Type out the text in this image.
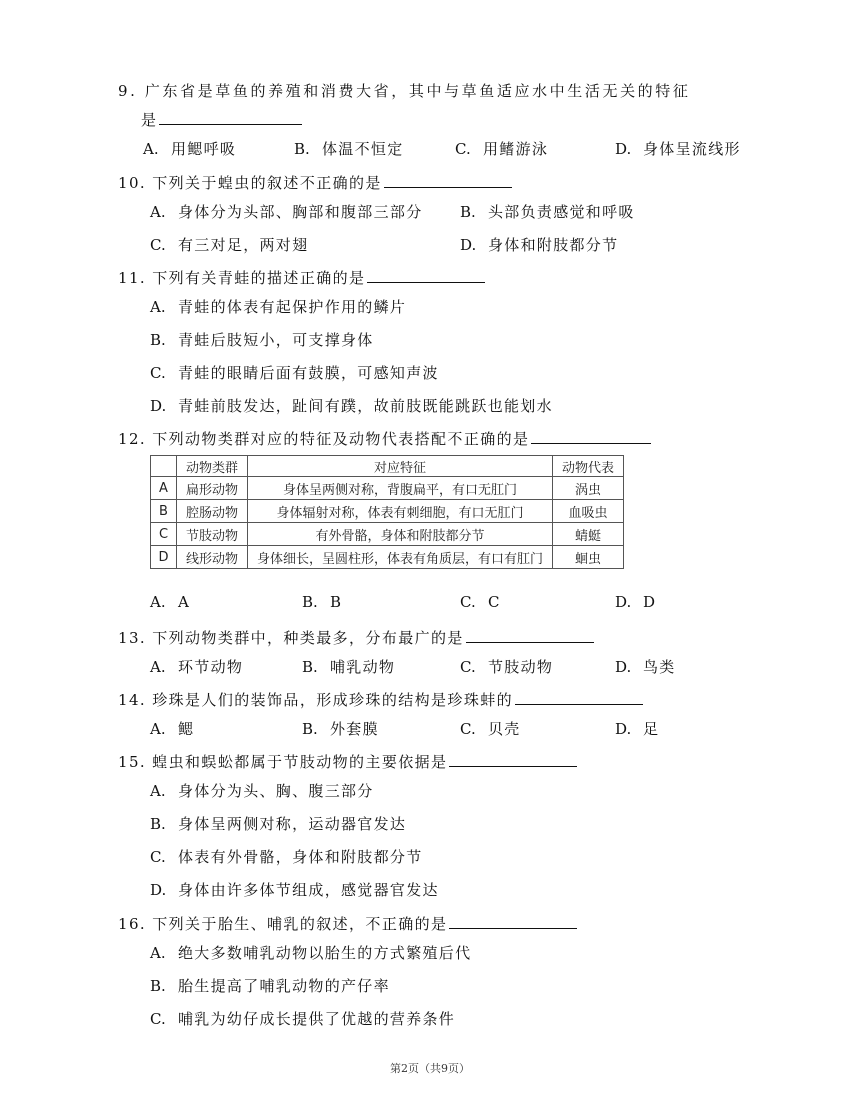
9. 广东省是草鱼的养殖和消费大省，其中与草鱼适应水中生活无关的特征
是
A. 用鳃呼吸	B. 体温不恒定	C. 用鳍游泳	D. 身体呈流线形
10. 下列关于蝗虫的叙述不正确的是
A. 身体分为头部、胸部和腹部三部分 B. 头部负责感觉和呼吸
C. 有三对足，两对翅	D. 身体和附肢都分节
11. 下列有关青蛙的描述正确的是
A. 青蛙的体表有起保护作用的鳞片
B. 青蛙后肢短小，可支撑身体
C. 青蛙的眼睛后面有鼓膜，可感知声波
D. 青蛙前肢发达，趾间有蹼，故前肢既能跳跃也能划水
12. 下列动物类群对应的特征及动物代表搭配不正确的是
	动物类群	对应特征	动物代表
A	扁形动物	身体呈两侧对称，背腹扁平，有口无肛门	涡虫
B	腔肠动物	身体辐射对称，体表有刺细胞，有口无肛门	血吸虫
C	节肢动物	有外骨骼，身体和附肢都分节	蜻蜓
D	线形动物	身体细长，呈圆柱形，体表有角质层，有口有肛门	蛔虫
A. A	B. B	C. C	D. D
13. 下列动物类群中，种类最多，分布最广的是
A. 环节动物	B. 哺乳动物	C. 节肢动物	D. 鸟类
14. 珍珠是人们的装饰品，形成珍珠的结构是珍珠蚌的
A. 鳃	B. 外套膜	C. 贝壳	D. 足
15. 蝗虫和蜈蚣都属于节肢动物的主要依据是
A. 身体分为头、胸、腹三部分
B. 身体呈两侧对称，运动器官发达
C. 体表有外骨骼，身体和附肢都分节
D. 身体由许多体节组成，感觉器官发达
16. 下列关于胎生、哺乳的叙述，不正确的是
A. 绝大多数哺乳动物以胎生的方式繁殖后代
B. 胎生提高了哺乳动物的产仔率
C. 哺乳为幼仔成长提供了优越的营养条件
第2页（共9页）
